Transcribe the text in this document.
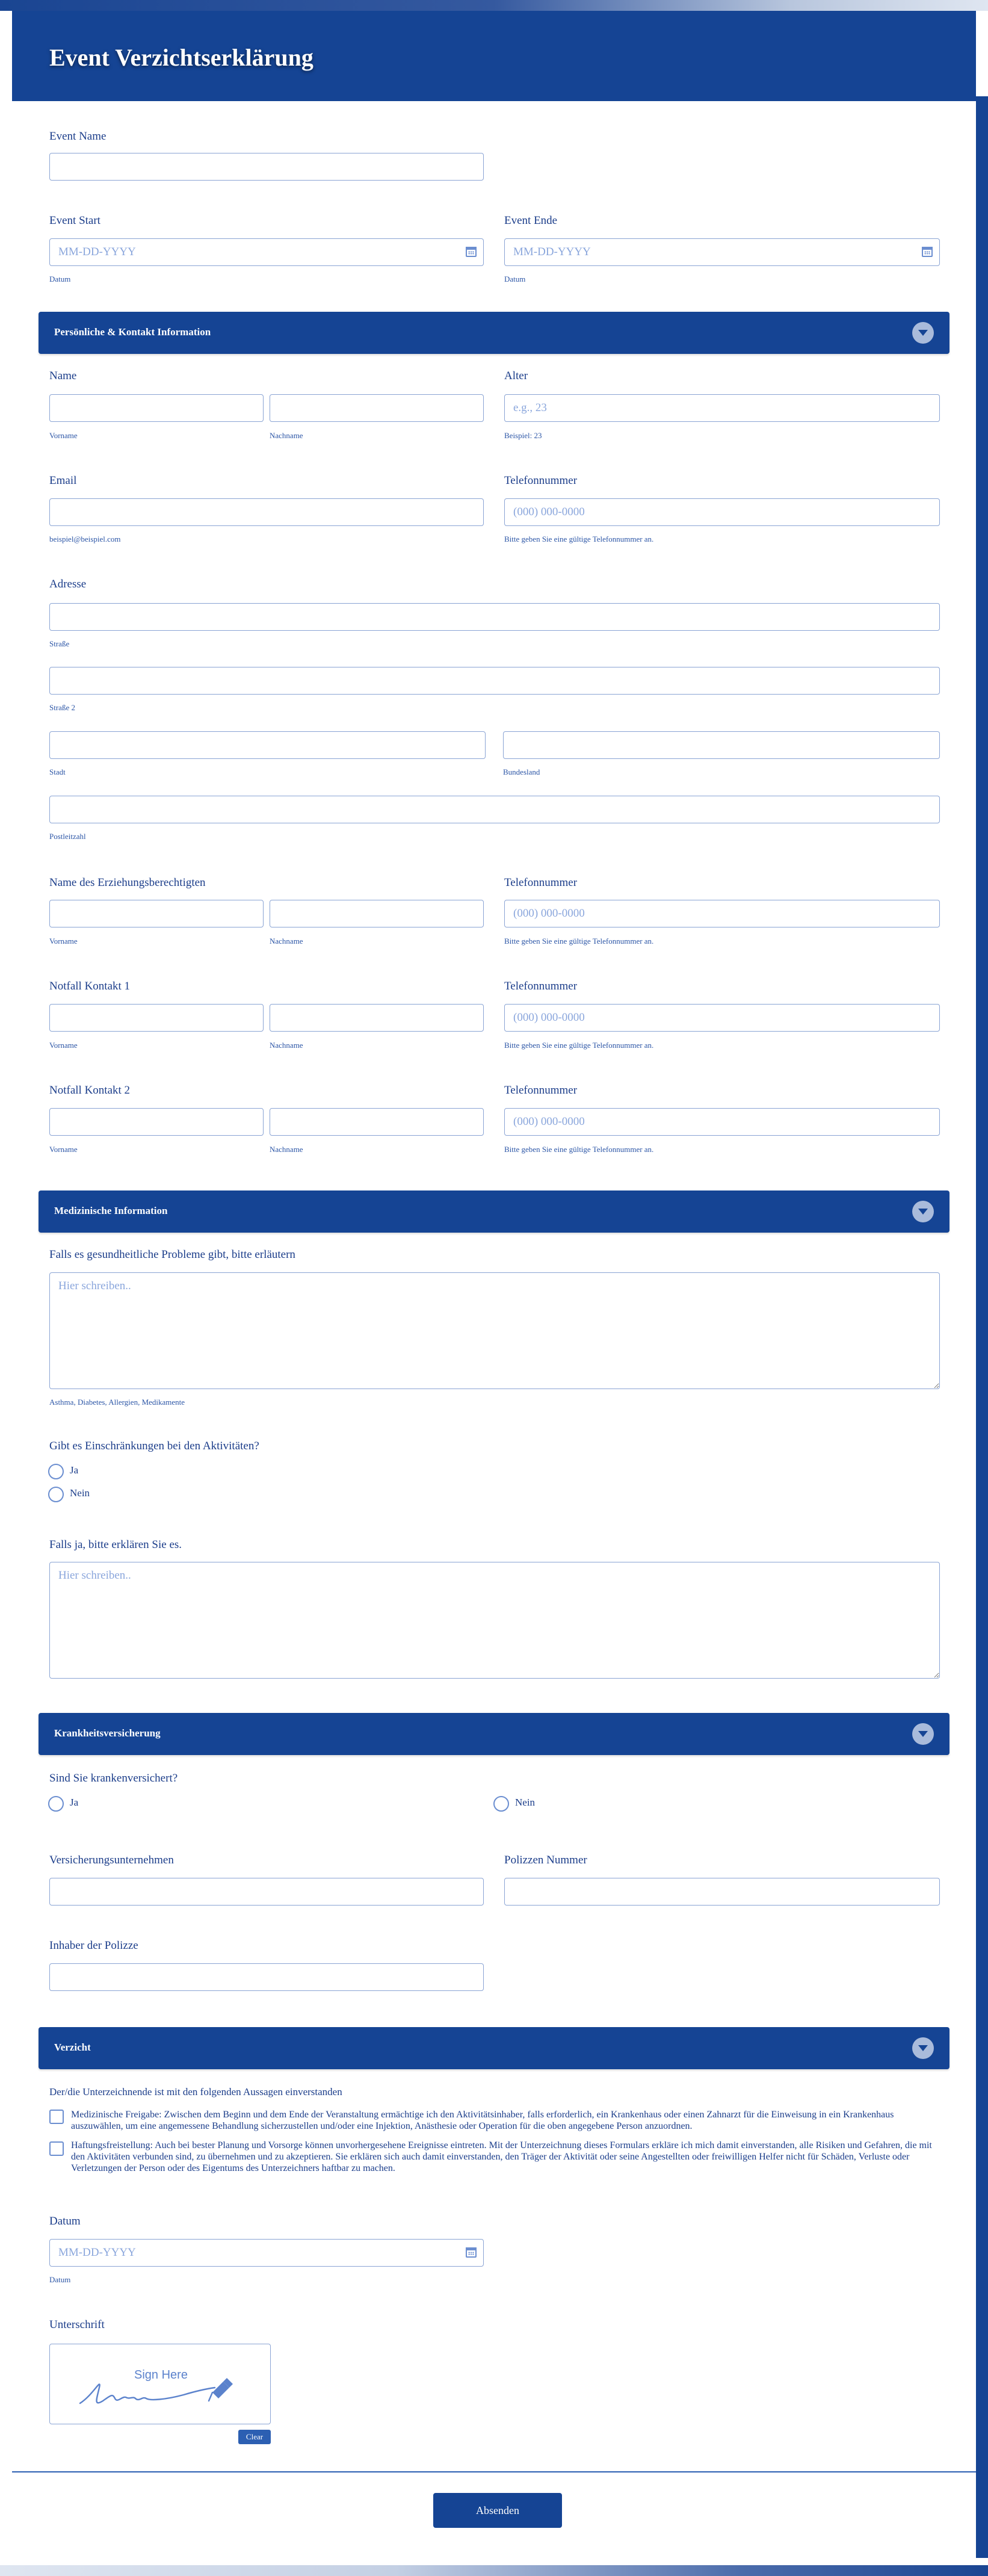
Event Verzichtserklärung
Event Name
Event Start
MM-DD-YYYY
Datum
Event Ende
MM-DD-YYYY
Datum
Persönliche & Kontakt Information
Name
Vorname	Nachname
Alter
e.g., 23
Beispiel: 23
Email
beispiel@beispiel.com
Telefonnummer
(000) 000-0000
Bitte geben Sie eine gültige Telefonnummer an.
Adresse
Straße
Straße 2
Stadt	Bundesland
Postleitzahl
Name des Erziehungsberechtigten
Vorname	Nachname
Telefonnummer
(000) 000-0000
Bitte geben Sie eine gültige Telefonnummer an.
Notfall Kontakt 1
Vorname	Nachname
Telefonnummer
(000) 000-0000
Bitte geben Sie eine gültige Telefonnummer an.
Notfall Kontakt 2
Vorname	Nachname
Telefonnummer
(000) 000-0000
Bitte geben Sie eine gültige Telefonnummer an.
Medizinische Information
Falls es gesundheitliche Probleme gibt, bitte erläutern
Hier schreiben..
Asthma, Diabetes, Allergien, Medikamente
Gibt es Einschränkungen bei den Aktivitäten?
Ja
Nein
Falls ja, bitte erklären Sie es.
Hier schreiben..
Krankheitsversicherung
Sind Sie krankenversichert?
Ja	Nein
Versicherungsunternehmen	Polizzen Nummer
Inhaber der Polizze
Verzicht
Der/die Unterzeichnende ist mit den folgenden Aussagen einverstanden
Medizinische Freigabe: Zwischen dem Beginn und dem Ende der Veranstaltung ermächtige ich den Aktivitätsinhaber, falls erforderlich, ein Krankenhaus oder einen Zahnarzt für die Einweisung in ein Krankenhaus auszuwählen, um eine angemessene Behandlung sicherzustellen und/oder eine Injektion, Anästhesie oder Operation für die oben angegebene Person anzuordnen.
Haftungsfreistellung: Auch bei bester Planung und Vorsorge können unvorhergesehene Ereignisse eintreten. Mit der Unterzeichnung dieses Formulars erkläre ich mich damit einverstanden, alle Risiken und Gefahren, die mit den Aktivitäten verbunden sind, zu übernehmen und zu akzeptieren. Sie erklären sich auch damit einverstanden, den Träger der Aktivität oder seine Angestellten oder freiwilligen Helfer nicht für Schäden, Verluste oder Verletzungen der Person oder des Eigentums des Unterzeichners haftbar zu machen.
Datum
MM-DD-YYYY
Datum
Unterschrift
Sign Here
Clear
Absenden
